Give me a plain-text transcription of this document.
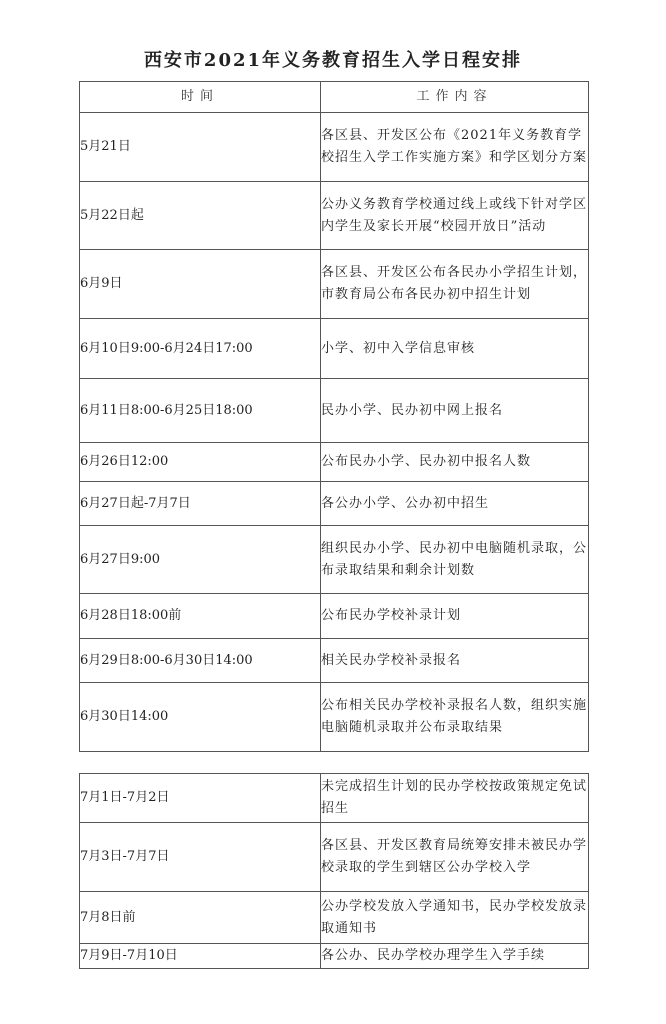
西安市2021年义务教育招生入学日程安排
时间	工作内容
5月21日	各区县、开发区公布《2021年义务教育学校招生入学工作实施方案》和学区划分方案
5月22日起	公办义务教育学校通过线上或线下针对学区内学生及家长开展“校园开放日”活动
6月9日	各区县、开发区公布各民办小学招生计划，市教育局公布各民办初中招生计划
6月10日9:00-6月24日17:00	小学、初中入学信息审核
6月11日8:00-6月25日18:00	民办小学、民办初中网上报名
6月26日12:00	公布民办小学、民办初中报名人数
6月27日起-7月7日	各公办小学、公办初中招生
6月27日9:00	组织民办小学、民办初中电脑随机录取，公布录取结果和剩余计划数
6月28日18:00前	公布民办学校补录计划
6月29日8:00-6月30日14:00	相关民办学校补录报名
6月30日14:00	公布相关民办学校补录报名人数，组织实施电脑随机录取并公布录取结果
7月1日-7月2日	未完成招生计划的民办学校按政策规定免试招生
7月3日-7月7日	各区县、开发区教育局统筹安排未被民办学校录取的学生到辖区公办学校入学
7月8日前	公办学校发放入学通知书，民办学校发放录取通知书
7月9日-7月10日	各公办、民办学校办理学生入学手续
